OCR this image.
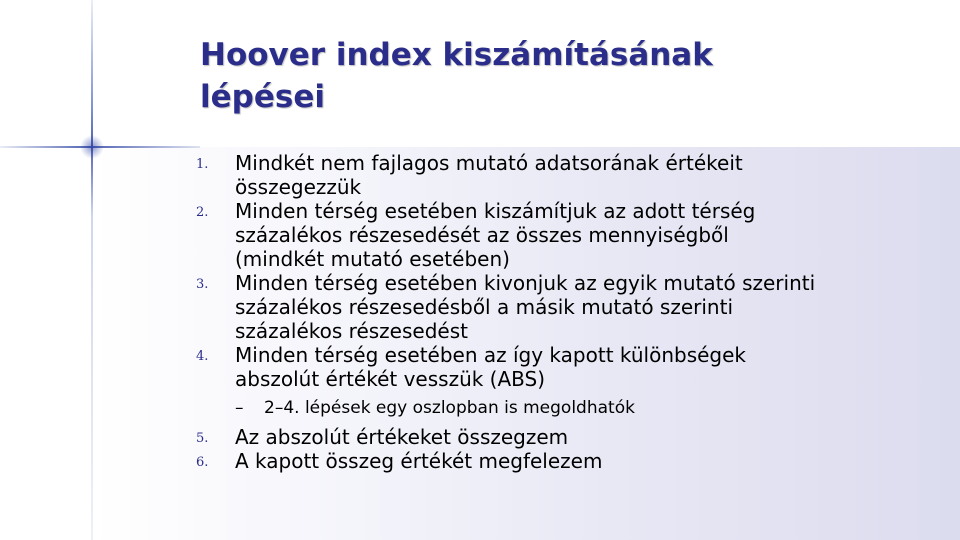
Hoover index kiszámításának lépései
1. Mindkét nem fajlagos mutató adatsorának értékeit összegezzük
2. Minden térség esetében kiszámítjuk az adott térség százalékos részesedését az összes mennyiségből (mindkét mutató esetében)
3. Minden térség esetében kivonjuk az egyik mutató szerinti százalékos részesedésből a másik mutató szerinti százalékos részesedést
4. Minden térség esetében az így kapott különbségek abszolút értékét vesszük (ABS)
– 2–4. lépések egy oszlopban is megoldhatók
5. Az abszolút értékeket összegzem
6. A kapott összeg értékét megfelezem
